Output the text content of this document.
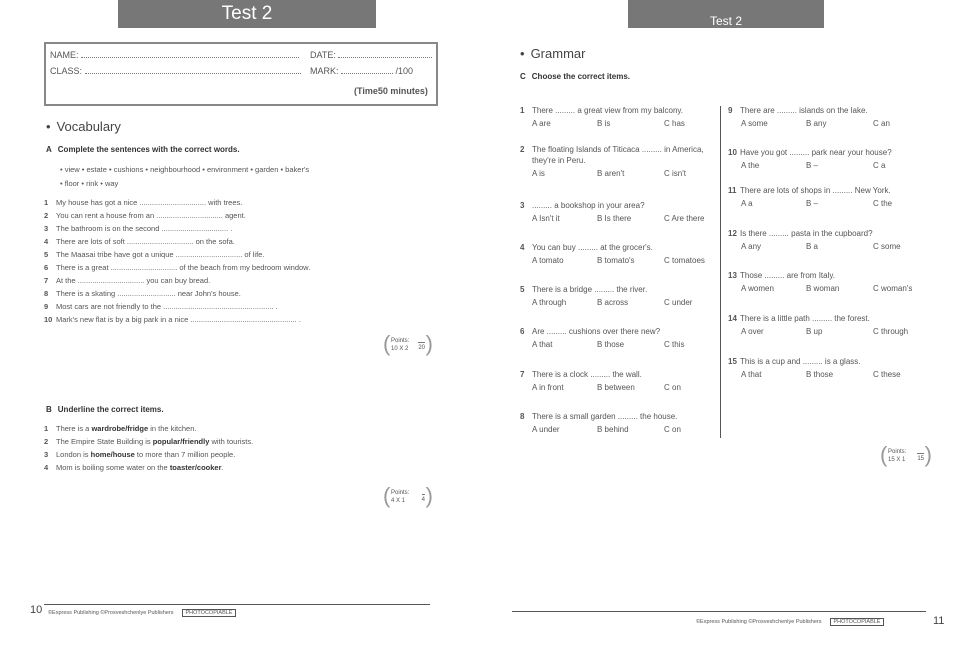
Test 2
NAME:	DATE:
CLASS:	MARK:	/100
(Time50 minutes)
• Vocabulary
A Complete the sentences with the correct words.
• view • estate • cushions • neighbourhood • environment • garden • baker's
• floor • rink • way
1 My house has got a nice ................................ with trees.
2 You can rent a house from an ................................ agent.
3 The bathroom is on the second ................................ .
4 There are lots of soft ................................ on the sofa.
5 The Maasai tribe have got a unique ................................ of life.
6 There is a great ................................ of the beach from my bedroom window.
7 At the ................................ you can buy bread.
8 There is a skating ............................ near John's house.
9 Most cars are not friendly to the ..................................................... .
10 Mark's new flat is by a big park in a nice ................................................... .
( Points:
10 X 2 20 )
B Underline the correct items.
1 There is a wardrobe/fridge in the kitchen.
2 The Empire State Building is popular/friendly with tourists.
3 London is home/house to more than 7 million people.
4 Mom is boiling some water on the toaster/cooker.
( Points:
4 X 1	4 )
10 ©Express Publishing ©Prosveshchenlye Publishers PHOTOCOPIABLE
Test 2
• Grammar
C Choose the correct items.
1 There ......... a great view from my balcony.
A are	B is	C has
2 The floating Islands of Titicaca ......... in America,
they're in Peru.
A is	B aren't	C isn't
3 ......... a bookshop in your area?
A Isn't it	B Is there	C Are there
4 You can buy ......... at the grocer's.
A tomato	B tomato's	C tomatoes
5 There is a bridge ......... the river.
A through	B across	C under
6 Are ......... cushions over there new?
A that	B those	C this
7 There is a clock ......... the wall.
A in front	B between	C on
8 There is a small garden ......... the house.
A under	B behind	C on
9 There are ......... islands on the lake.
A some	B any	C an
10 Have you got ......... park near your house?
A the	B –	C a
11 There are lots of shops in ......... New York.
A a	B –	C the
12 Is there ......... pasta in the cupboard?
A any	B a	C some
13 Those ......... are from Italy.
A women	B woman	C woman's
14 There is a little path ......... the forest.
A over	B up	C through
15 This is a cup and ......... is a glass.
A that	B those	C these
( Points:
15 X 1 15 )
©Express Publishing ©Prosveshchenlye Publishers PHOTOCOPIABLE	11
